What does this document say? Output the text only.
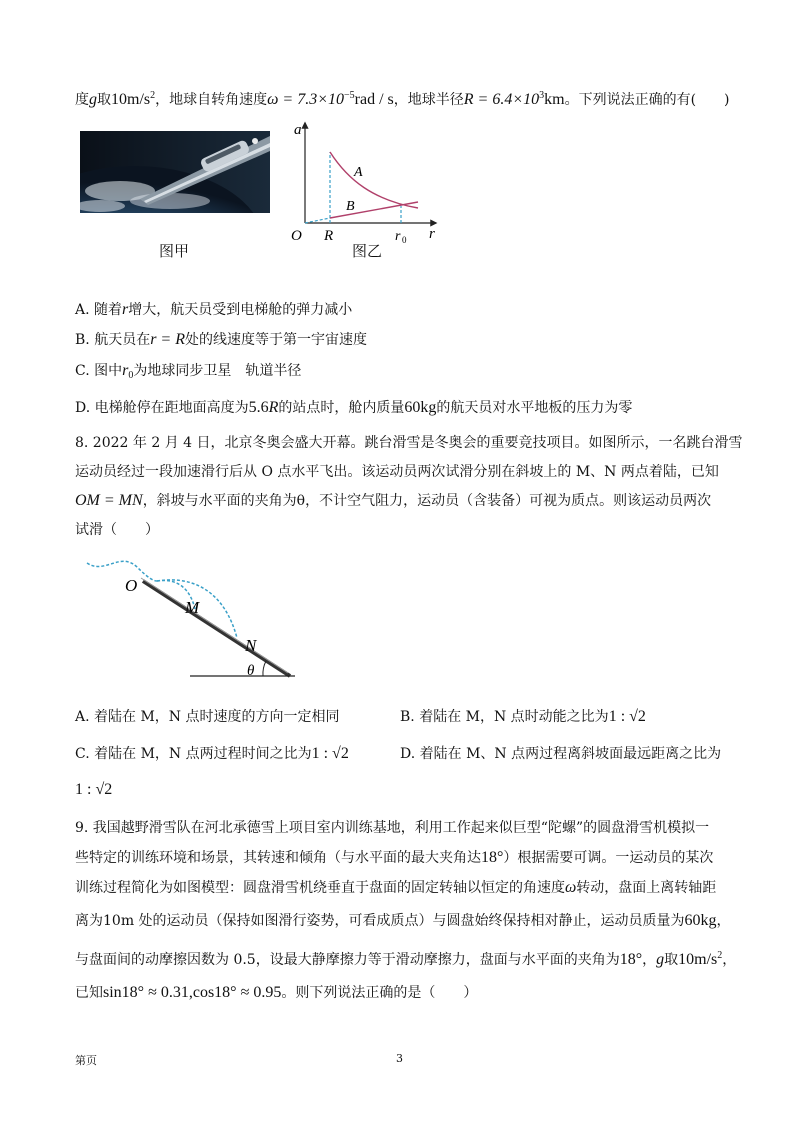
度g取$10m/s^2$，地球自转角速度$\omega = 7.3\times 10^{-5}rad / s$，地球半径$R = 6.4\times 10^3km$。下列说法正确的有(　　)
图甲
a
A
B
O R	r 0 r
图乙
A. 随着r增大，航天员受到电梯舱的弹力减小
B. 航天员在r = R处的线速度等于第一宇宙速度
C. 图中$r_0$为地球同步卫星　轨道半径
D. 电梯舱停在距地面高度为5.6R的站点时，舱内质量60kg的航天员对水平地板的压力为零
8. 2022 年 2 月 4 日，北京冬奥会盛大开幕。跳台滑雪是冬奥会的重要竞技项目。如图所示，一名跳台滑雪
运动员经过一段加速滑行后从 O 点水平飞出。该运动员两次试滑分别在斜坡上的 M、N 两点着陆，已知
OM = MN，斜坡与水平面的夹角为θ，不计空气阻力，运动员（含装备）可视为质点。则该运动员两次
试滑（　　）
O
M
N
θ
A. 着陆在 M，N 点时速度的方向一定相同	B. 着陆在 M，N 点时动能之比为1 : √2
C. 着陆在 M，N 点两过程时间之比为1 : √2	D. 着陆在 M、N 点两过程离斜坡面最远距离之比为
1 : √2
9. 我国越野滑雪队在河北承德雪上项目室内训练基地，利用工作起来似巨型“陀螺”的圆盘滑雪机模拟一
些特定的训练环境和场景，其转速和倾角（与水平面的最大夹角达18°）根据需要可调。一运动员的某次
训练过程简化为如图模型：圆盘滑雪机绕垂直于盘面的固定转轴以恒定的角速度ω转动，盘面上离转轴距
离为10m 处的运动员（保持如图滑行姿势，可看成质点）与圆盘始终保持相对静止，运动员质量为60kg，
与盘面间的动摩擦因数为 0.5，设最大静摩擦力等于滑动摩擦力，盘面与水平面的夹角为18°，g取$10m/s^2$，
已知sin18° ≈ 0.31,cos18° ≈ 0.95。则下列说法正确的是（　　）
第页	3
